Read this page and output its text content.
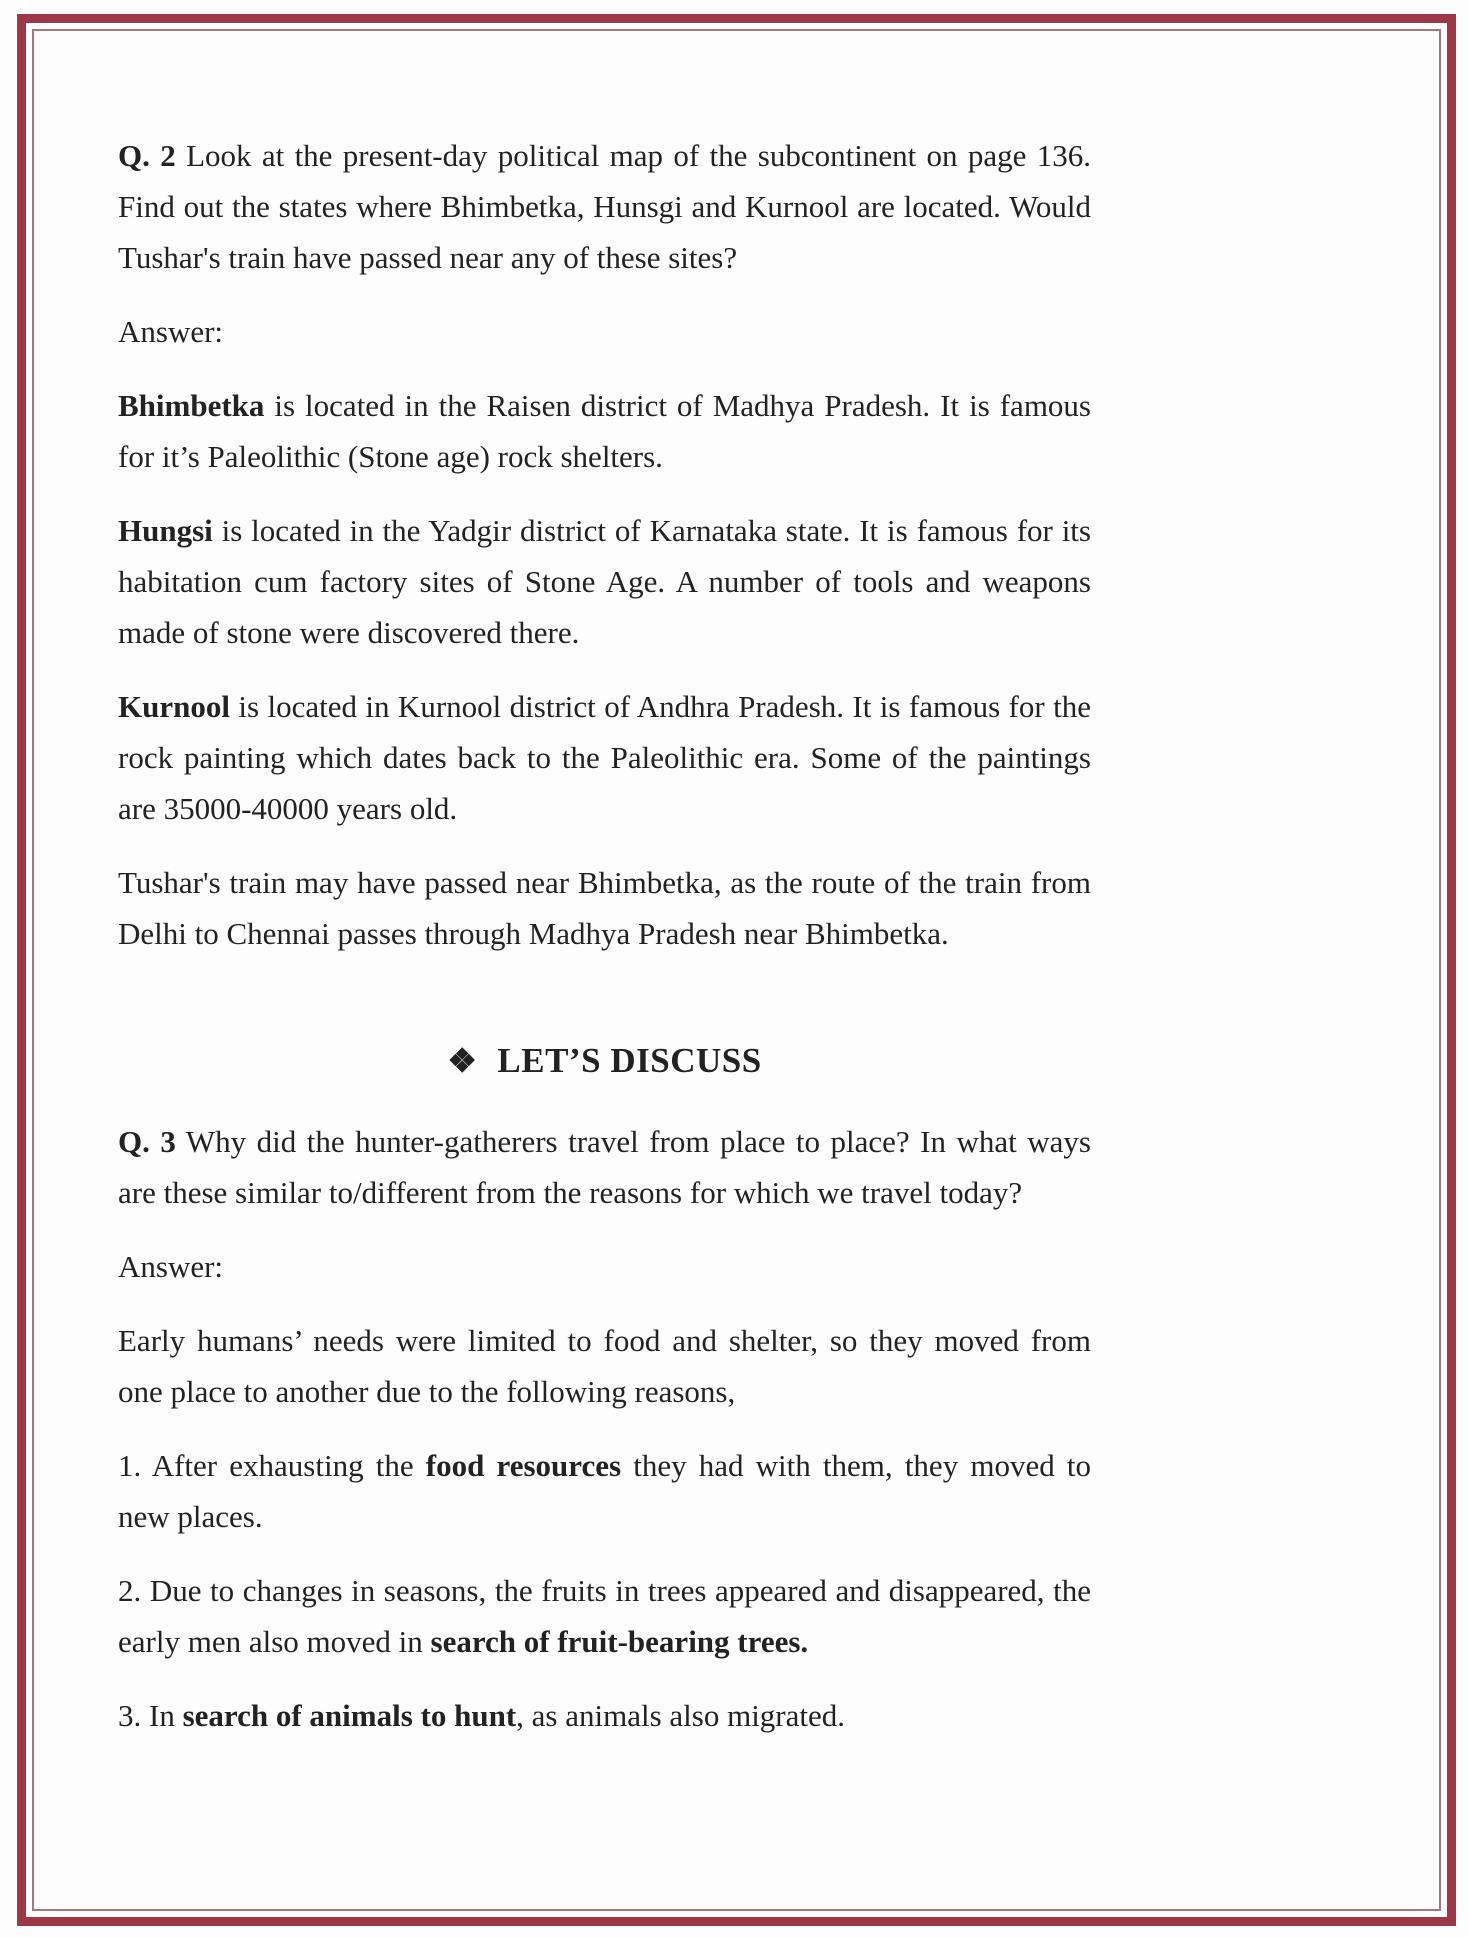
Q. 2 Look at the present-day political map of the subcontinent on page 136. Find out the states where Bhimbetka, Hunsgi and Kurnool are located. Would Tushar's train have passed near any of these sites?

Answer:

Bhimbetka is located in the Raisen district of Madhya Pradesh. It is famous for it’s Paleolithic (Stone age) rock shelters.

Hungsi is located in the Yadgir district of Karnataka state. It is famous for its habitation cum factory sites of Stone Age. A number of tools and weapons made of stone were discovered there.

Kurnool is located in Kurnool district of Andhra Pradesh. It is famous for the rock painting which dates back to the Paleolithic era. Some of the paintings are 35000-40000 years old.

Tushar's train may have passed near Bhimbetka, as the route of the train from Delhi to Chennai passes through Madhya Pradesh near Bhimbetka.

❖ LET’S DISCUSS

Q. 3 Why did the hunter-gatherers travel from place to place? In what ways are these similar to/different from the reasons for which we travel today?

Answer:

Early humans’ needs were limited to food and shelter, so they moved from one place to another due to the following reasons,

1. After exhausting the food resources they had with them, they moved to new places.

2. Due to changes in seasons, the fruits in trees appeared and disappeared, the early men also moved in search of fruit-bearing trees.

3. In search of animals to hunt, as animals also migrated.
